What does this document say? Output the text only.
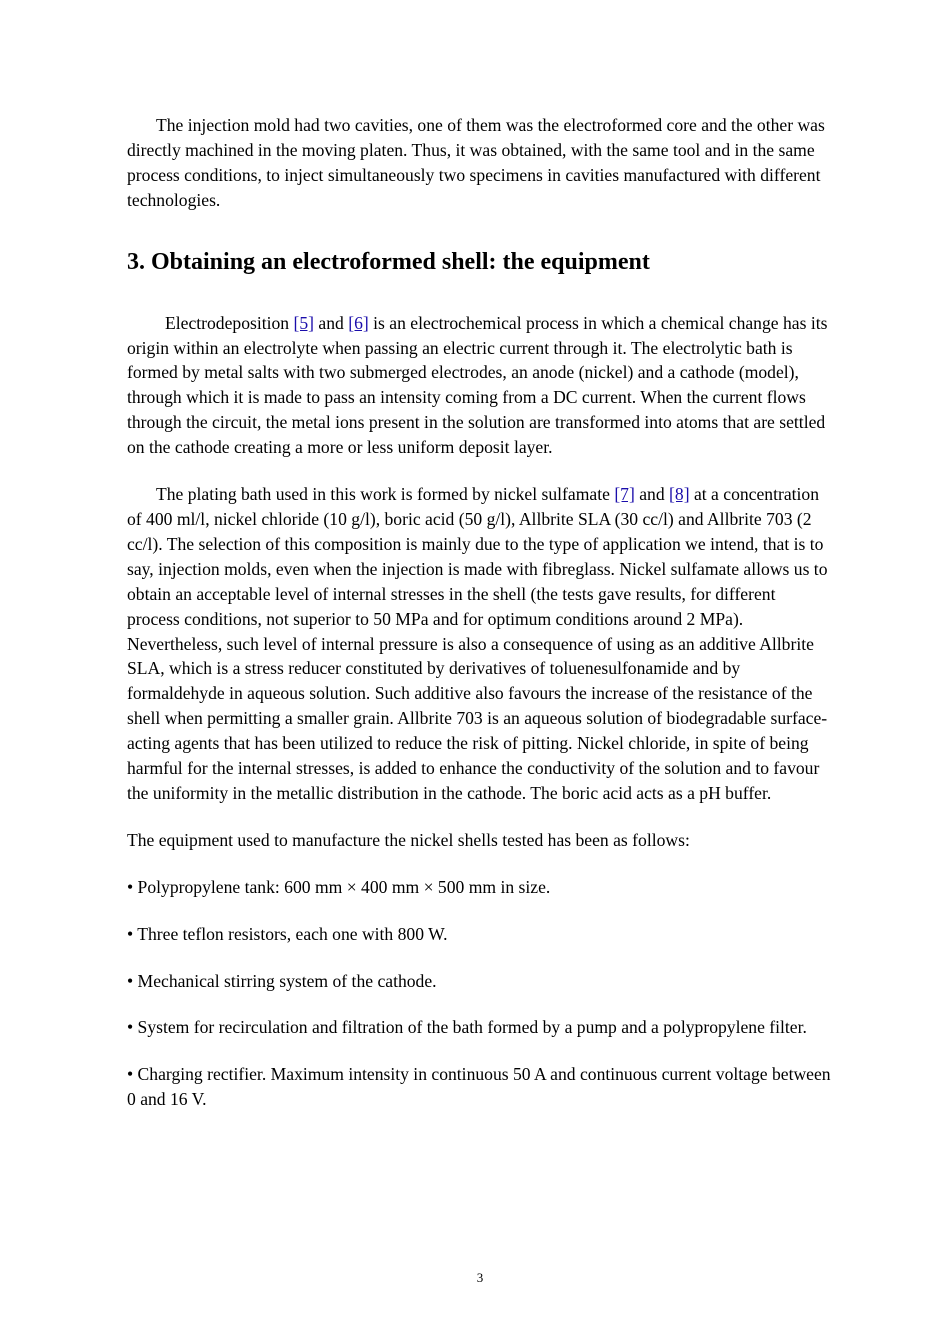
The injection mold had two cavities, one of them was the electroformed core and the other was directly machined in the moving platen. Thus, it was obtained, with the same tool and in the same process conditions, to inject simultaneously two specimens in cavities manufactured with different technologies.

3. Obtaining an electroformed shell: the equipment

Electrodeposition [5] and [6] is an electrochemical process in which a chemical change has its origin within an electrolyte when passing an electric current through it. The electrolytic bath is formed by metal salts with two submerged electrodes, an anode (nickel) and a cathode (model), through which it is made to pass an intensity coming from a DC current. When the current flows through the circuit, the metal ions present in the solution are transformed into atoms that are settled on the cathode creating a more or less uniform deposit layer.

The plating bath used in this work is formed by nickel sulfamate [7] and [8] at a concentration of 400 ml/l, nickel chloride (10 g/l), boric acid (50 g/l), Allbrite SLA (30 cc/l) and Allbrite 703 (2 cc/l). The selection of this composition is mainly due to the type of application we intend, that is to say, injection molds, even when the injection is made with fibreglass. Nickel sulfamate allows us to obtain an acceptable level of internal stresses in the shell (the tests gave results, for different process conditions, not superior to 50 MPa and for optimum conditions around 2 MPa). Nevertheless, such level of internal pressure is also a consequence of using as an additive Allbrite SLA, which is a stress reducer constituted by derivatives of toluenesulfonamide and by formaldehyde in aqueous solution. Such additive also favours the increase of the resistance of the shell when permitting a smaller grain. Allbrite 703 is an aqueous solution of biodegradable surface-acting agents that has been utilized to reduce the risk of pitting. Nickel chloride, in spite of being harmful for the internal stresses, is added to enhance the conductivity of the solution and to favour the uniformity in the metallic distribution in the cathode. The boric acid acts as a pH buffer.

The equipment used to manufacture the nickel shells tested has been as follows:

• Polypropylene tank: 600 mm × 400 mm × 500 mm in size.

• Three teflon resistors, each one with 800 W.

• Mechanical stirring system of the cathode.

• System for recirculation and filtration of the bath formed by a pump and a polypropylene filter.

• Charging rectifier. Maximum intensity in continuous 50 A and continuous current voltage between 0 and 16 V.

3
